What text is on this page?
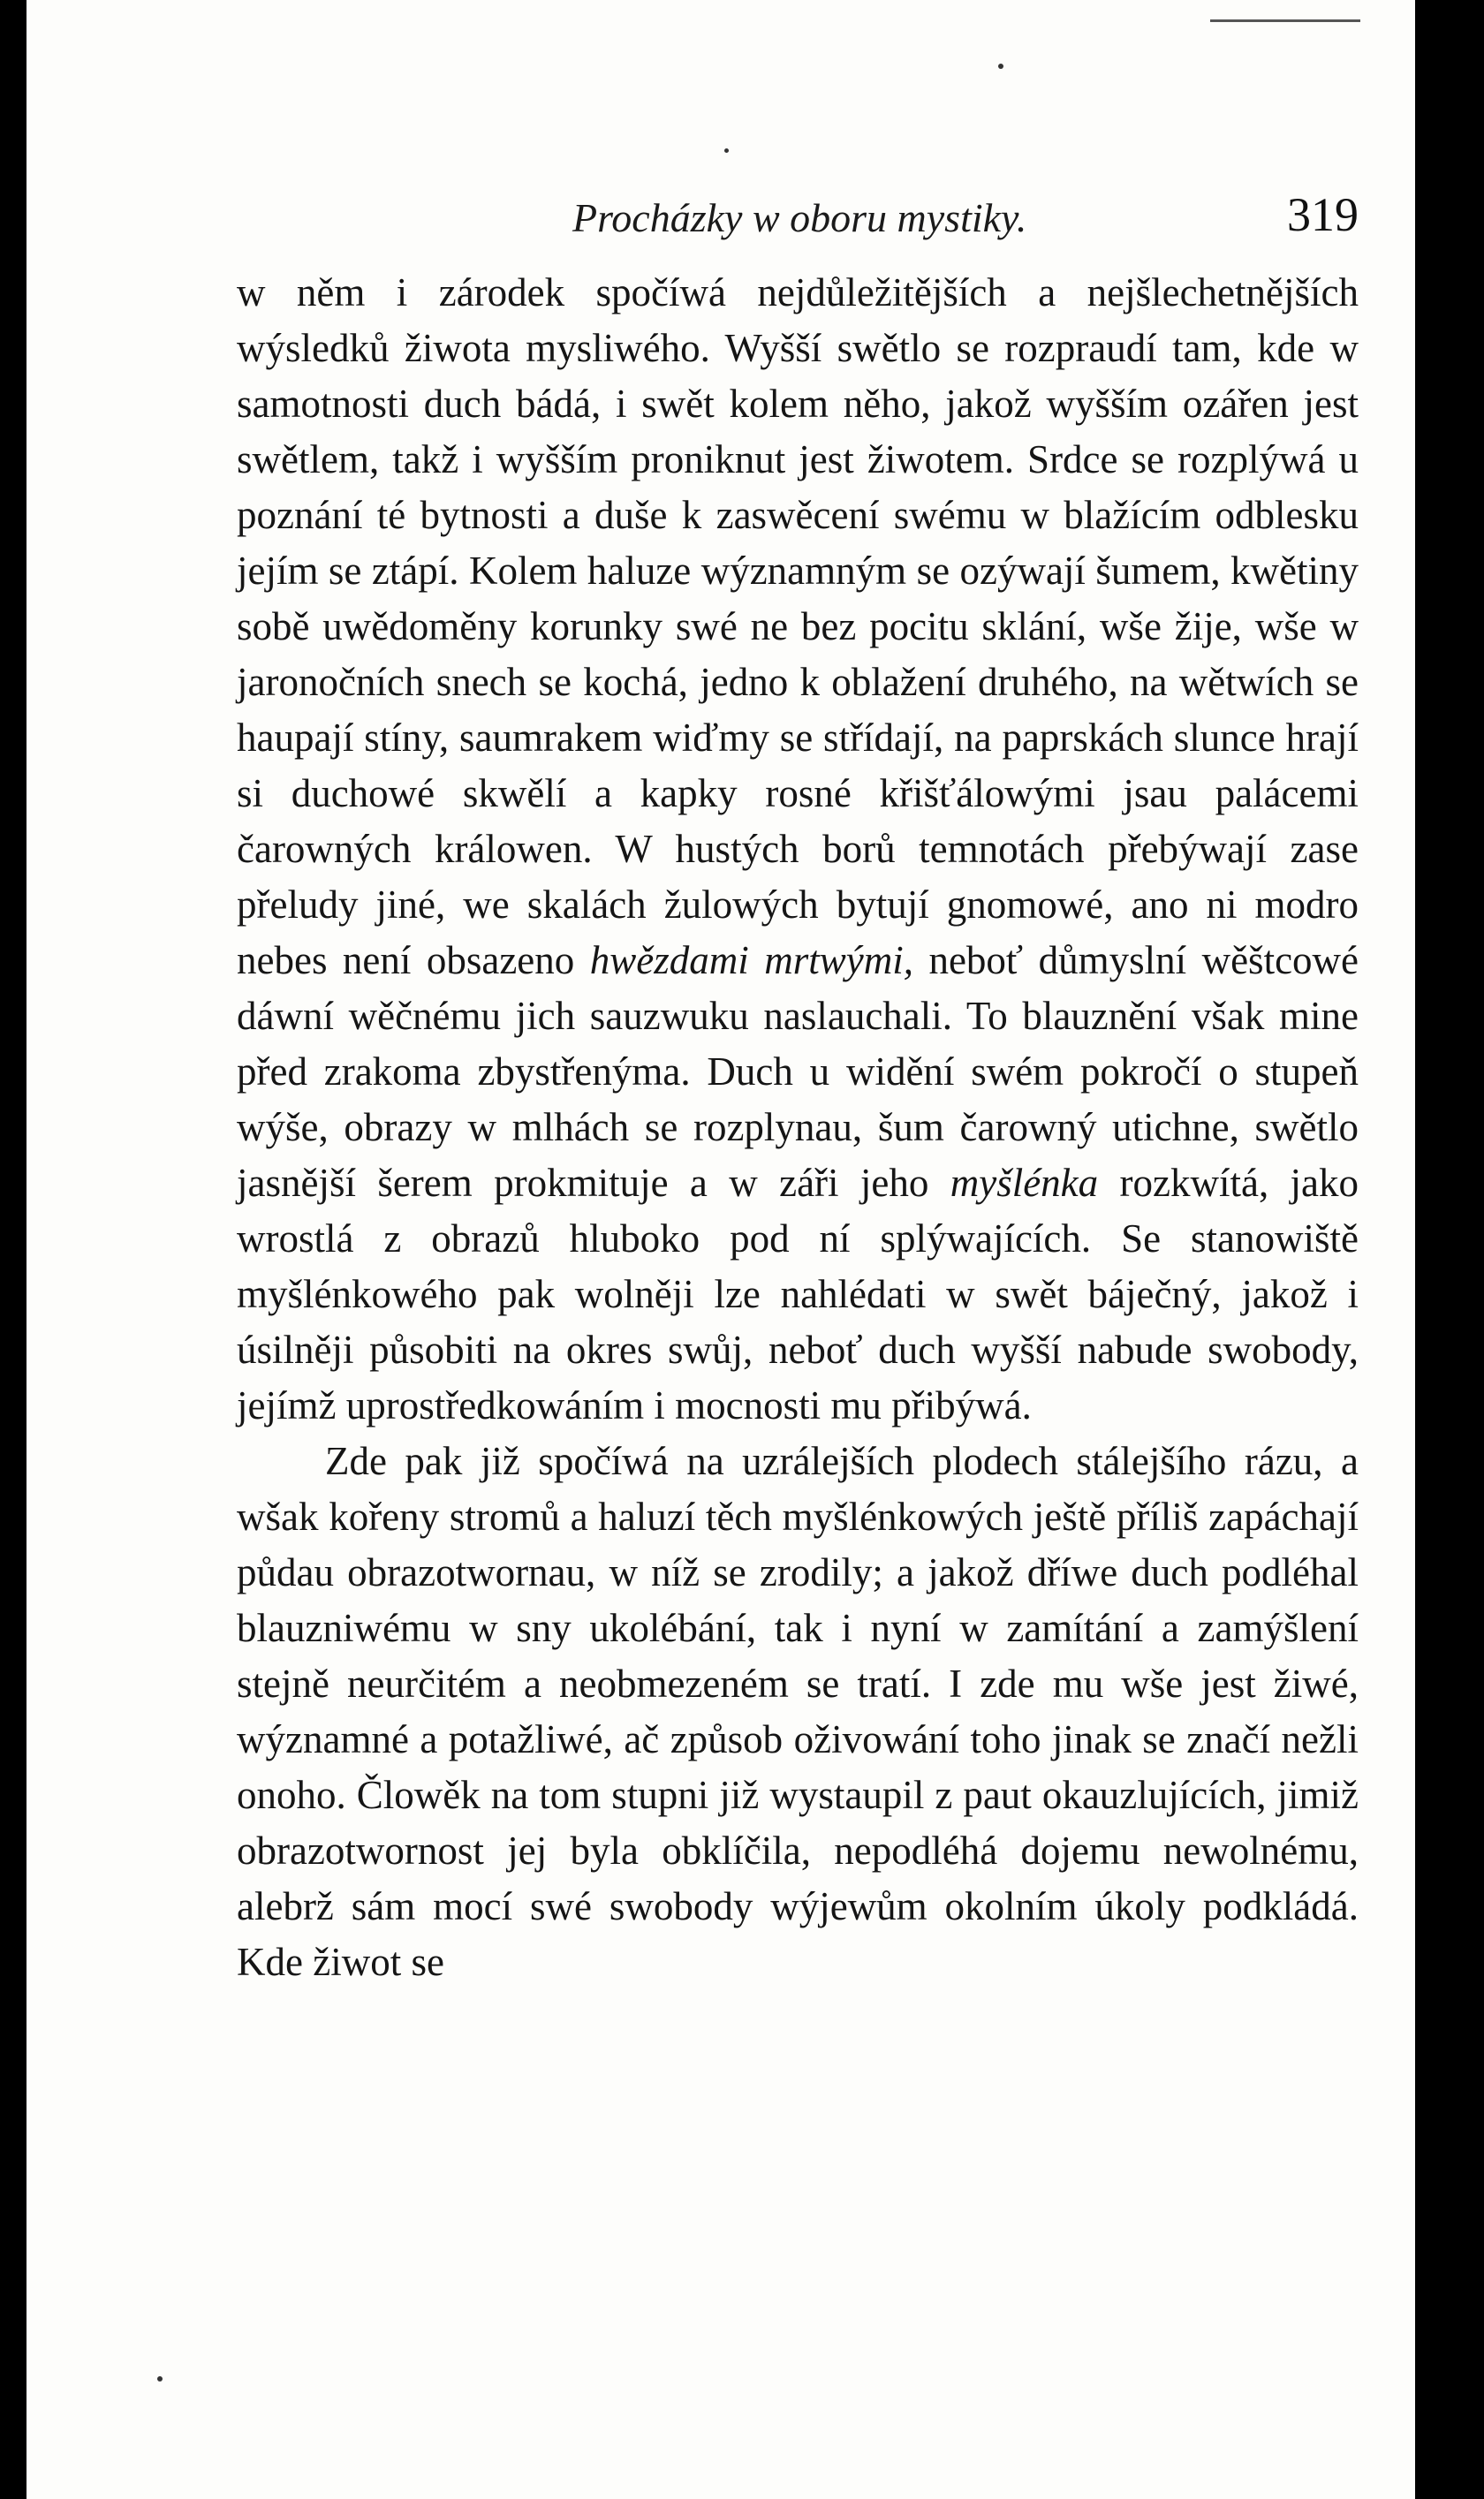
Procházky w oboru mystiky.	319

w něm i zárodek spočíwá nejdůležitějších a nejšlechetnějších wýsledků žiwota mysliwého. Wyšší swětlo se rozpraudí tam, kde w samotnosti duch bádá, i swět kolem něho, jakož wyšším ozářen jest swětlem, takž i wyšším proniknut jest žiwotem. Srdce se rozplýwá u poznání té bytnosti a duše k zaswěcení swému w blažícím odblesku jejím se ztápí. Kolem haluze wýznamným se ozýwají šumem, kwětiny sobě uwědoměny korunky swé ne bez pocitu sklání, wše žije, wše w jaronočních snech se kochá, jedno k oblažení druhého, na wětwích se haupají stíny, saumrakem wiďmy se střídají, na paprskách slunce hrají si duchowé skwělí a kapky rosné křišťálowými jsau palácemi čarowných králowen. W hustých borů temnotách přebýwají zase přeludy jiné, we skalách žulowých bytují gnomowé, ano ni modro nebes není obsazeno hwězdami mrtwými, neboť důmyslní wěštcowé dáwní wěčnému jich sauzwuku naslauchali. To blauznění však mine před zrakoma zbystřenýma. Duch u widění swém pokročí o stupeň wýše, obrazy w mlhách se rozplynau, šum čarowný utichne, swětlo jasnější šerem prokmituje a w záři jeho myšlénka rozkwítá, jako wrostlá z obrazů hluboko pod ní splýwajících. Se stanowiště myšlénkowého pak wolněji lze nahlédati w swět báječný, jakož i úsilněji působiti na okres swůj, neboť duch wyšší nabude swobody, jejímž uprostředkowáním i mocnosti mu přibýwá.

Zde pak již spočíwá na uzrálejších plodech stálejšího rázu, a wšak kořeny stromů a haluzí těch myšlénkowých ještě příliš zapáchají půdau obrazotwornau, w níž se zrodily; a jakož dříwe duch podléhal blauzniwému w sny ukolébání, tak i nyní w zamítání a zamýšlení stejně neurčitém a neobmezeném se tratí. I zde mu wše jest žiwé, wýznamné a potažliwé, ač způsob oživowání toho jinak se značí nežli onoho. Člowěk na tom stupni již wystaupil z paut okauzlujících, jimiž obrazotwornost jej byla obklíčila, nepodléhá dojemu newolnému, alebrž sám mocí swé swobody wýjewům okolním úkoly podkládá. Kde žiwot se
